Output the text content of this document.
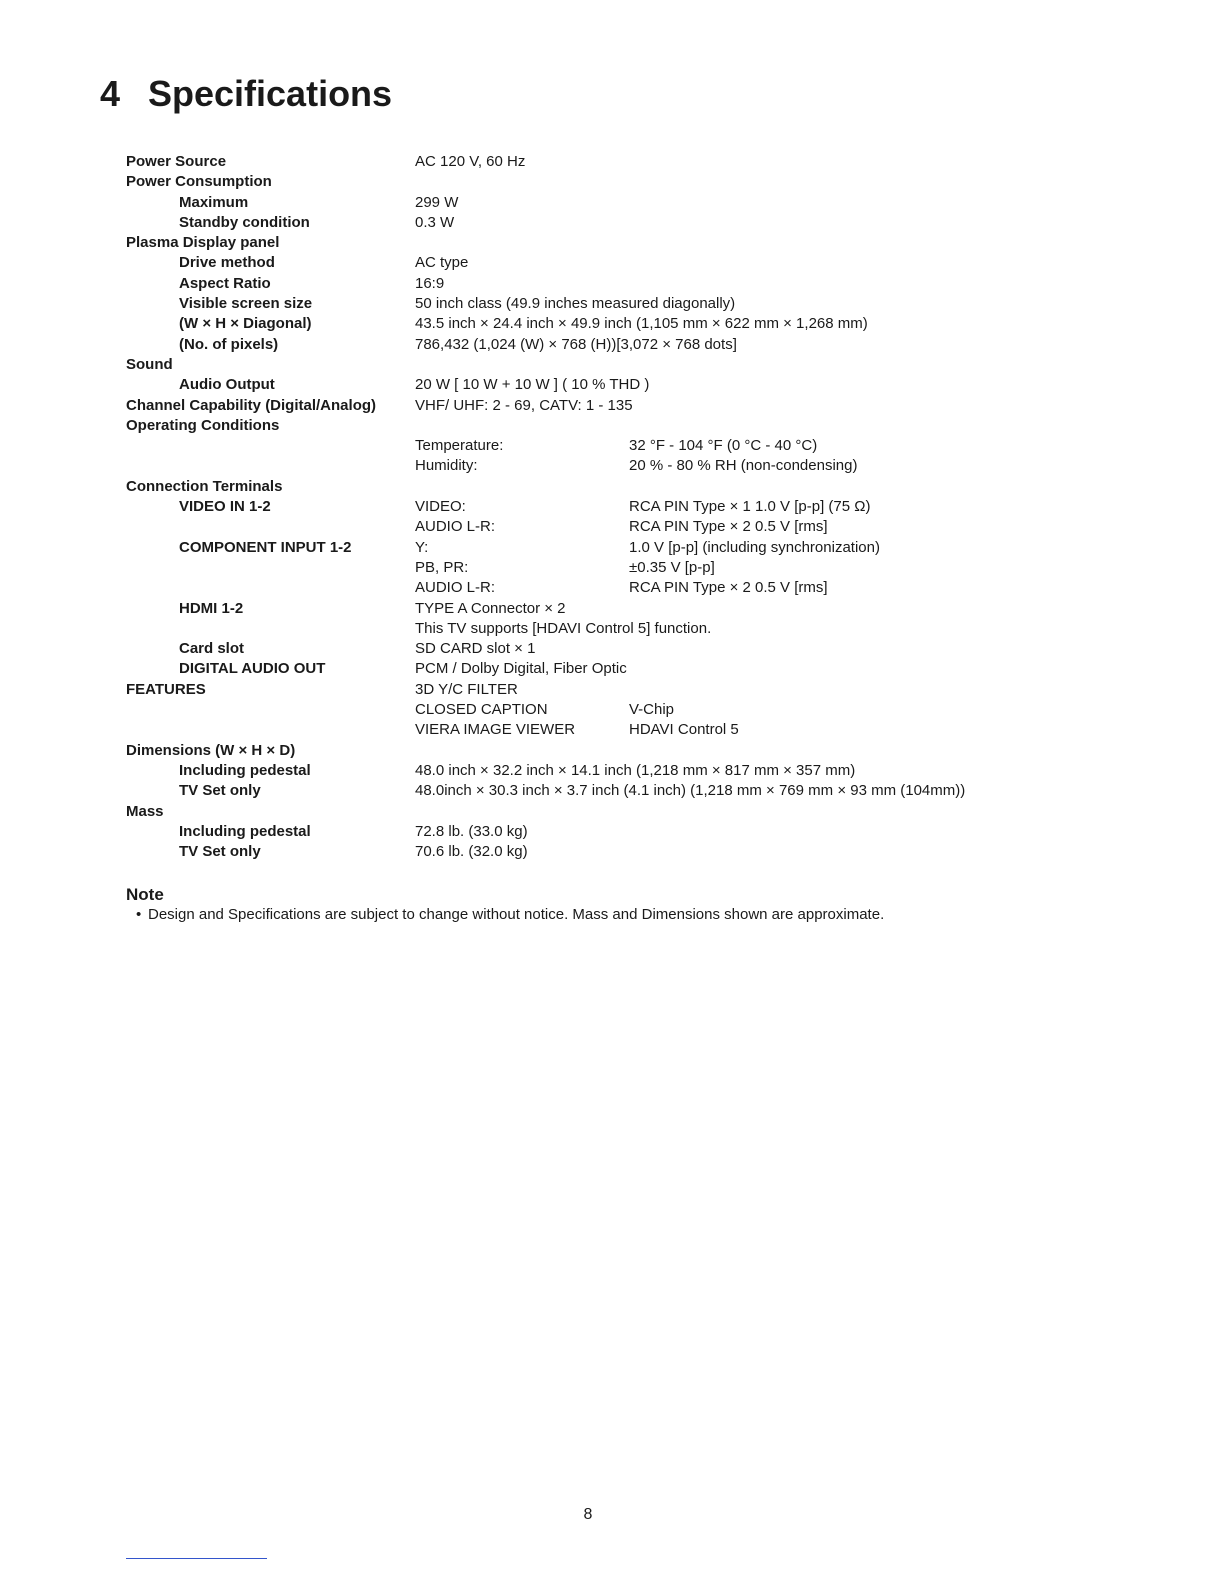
4 Specifications
Power Source	AC 120 V, 60 Hz
Power Consumption
Maximum	299 W
Standby condition	0.3 W
Plasma Display panel
Drive method	AC type
Aspect Ratio	16:9
Visible screen size	50 inch class (49.9 inches measured diagonally)
(W × H × Diagonal)	43.5 inch × 24.4 inch × 49.9 inch (1,105 mm × 622 mm × 1,268 mm)
(No. of pixels)	786,432 (1,024 (W) × 768 (H))[3,072 × 768 dots]
Sound
Audio Output	20 W [ 10 W + 10 W ] ( 10 % THD )
Channel Capability (Digital/Analog)	VHF/ UHF: 2 - 69, CATV: 1 - 135
Operating Conditions
Temperature:	32 °F - 104 °F (0 °C - 40 °C)
Humidity:	20 % - 80 % RH (non-condensing)
Connection Terminals
VIDEO IN 1-2	VIDEO:	RCA PIN Type × 1 1.0 V [p-p] (75 Ω)
AUDIO L-R:	RCA PIN Type × 2 0.5 V [rms]
COMPONENT INPUT 1-2	Y:	1.0 V [p-p] (including synchronization)
PB, PR:	±0.35 V [p-p]
AUDIO L-R:	RCA PIN Type × 2 0.5 V [rms]
HDMI 1-2	TYPE A Connector × 2
This TV supports [HDAVI Control 5] function.
Card slot	SD CARD slot × 1
DIGITAL AUDIO OUT	PCM / Dolby Digital, Fiber Optic
FEATURES	3D Y/C FILTER
CLOSED CAPTION	V-Chip
VIERA IMAGE VIEWER	HDAVI Control 5
Dimensions (W × H × D)
Including pedestal	48.0 inch × 32.2 inch × 14.1 inch (1,218 mm × 817 mm × 357 mm)
TV Set only	48.0inch × 30.3 inch × 3.7 inch (4.1 inch) (1,218 mm × 769 mm × 93 mm (104mm))
Mass
Including pedestal	72.8 lb. (33.0 kg)
TV Set only	70.6 lb. (32.0 kg)
Note
• Design and Specifications are subject to change without notice. Mass and Dimensions shown are approximate.
8
